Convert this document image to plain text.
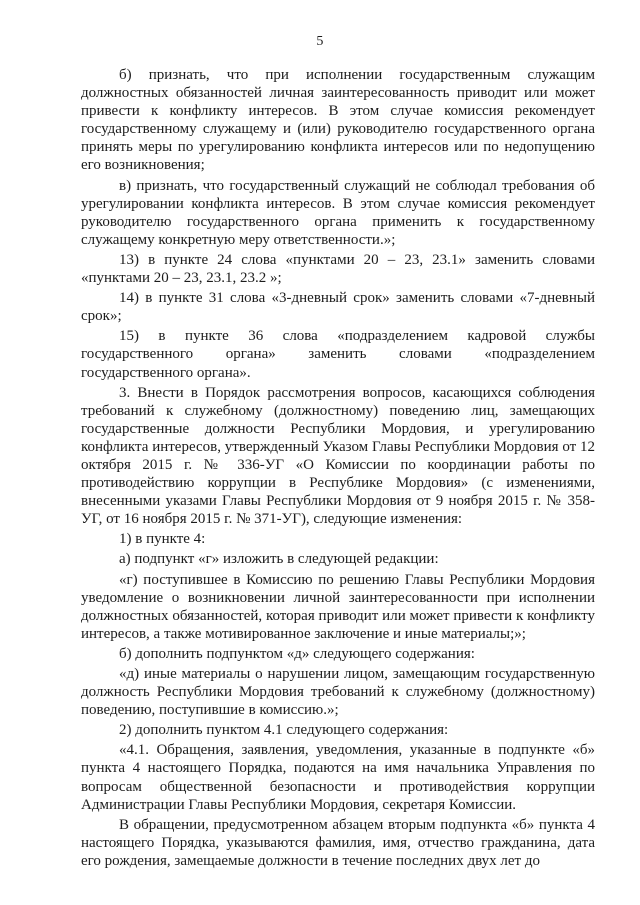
5

б) признать, что при исполнении государственным служащим должностных обязанностей личная заинтересованность приводит или может привести к конфликту интересов. В этом случае комиссия рекомендует государственному служащему и (или) руководителю государственного органа принять меры по урегулированию конфликта интересов или по недопущению его возникновения;

в) признать, что государственный служащий не соблюдал требования об урегулировании конфликта интересов. В этом случае комиссия рекомендует руководителю государственного органа применить к государственному служащему конкретную меру ответственности.»;

13) в пункте 24 слова «пунктами 20 – 23, 23.1» заменить словами «пунктами 20 – 23, 23.1, 23.2 »;

14) в пункте 31 слова «3-дневный срок» заменить словами «7-дневный срок»;

15) в пункте 36 слова «подразделением кадровой службы государственного органа» заменить словами «подразделением государственного органа».

3. Внести в Порядок рассмотрения вопросов, касающихся соблюдения требований к служебному (должностному) поведению лиц, замещающих государственные должности Республики Мордовия, и урегулированию конфликта интересов, утвержденный Указом Главы Республики Мордовия от 12 октября 2015 г. № 336-УГ «О Комиссии по координации работы по противодействию коррупции в Республике Мордовия» (с изменениями, внесенными указами Главы Республики Мордовия от 9 ноября 2015 г. № 358-УГ, от 16 ноября 2015 г. № 371-УГ), следующие изменения:

1) в пункте 4:

а) подпункт «г» изложить в следующей редакции:

«г) поступившее в Комиссию по решению Главы Республики Мордовия уведомление о возникновении личной заинтересованности при исполнении должностных обязанностей, которая приводит или может привести к конфликту интересов, а также мотивированное заключение и иные материалы;»;

б) дополнить подпунктом «д» следующего содержания:

«д) иные материалы о нарушении лицом, замещающим государственную должность Республики Мордовия требований к служебному (должностному) поведению, поступившие в комиссию.»;

2) дополнить пунктом 4.1 следующего содержания:

«4.1. Обращения, заявления, уведомления, указанные в подпункте «б» пункта 4 настоящего Порядка, подаются на имя начальника Управления по вопросам общественной безопасности и противодействия коррупции Администрации Главы Республики Мордовия, секретаря Комиссии.

В обращении, предусмотренном абзацем вторым подпункта «б» пункта 4 настоящего Порядка, указываются фамилия, имя, отчество гражданина, дата его рождения, замещаемые должности в течение последних двух лет до
